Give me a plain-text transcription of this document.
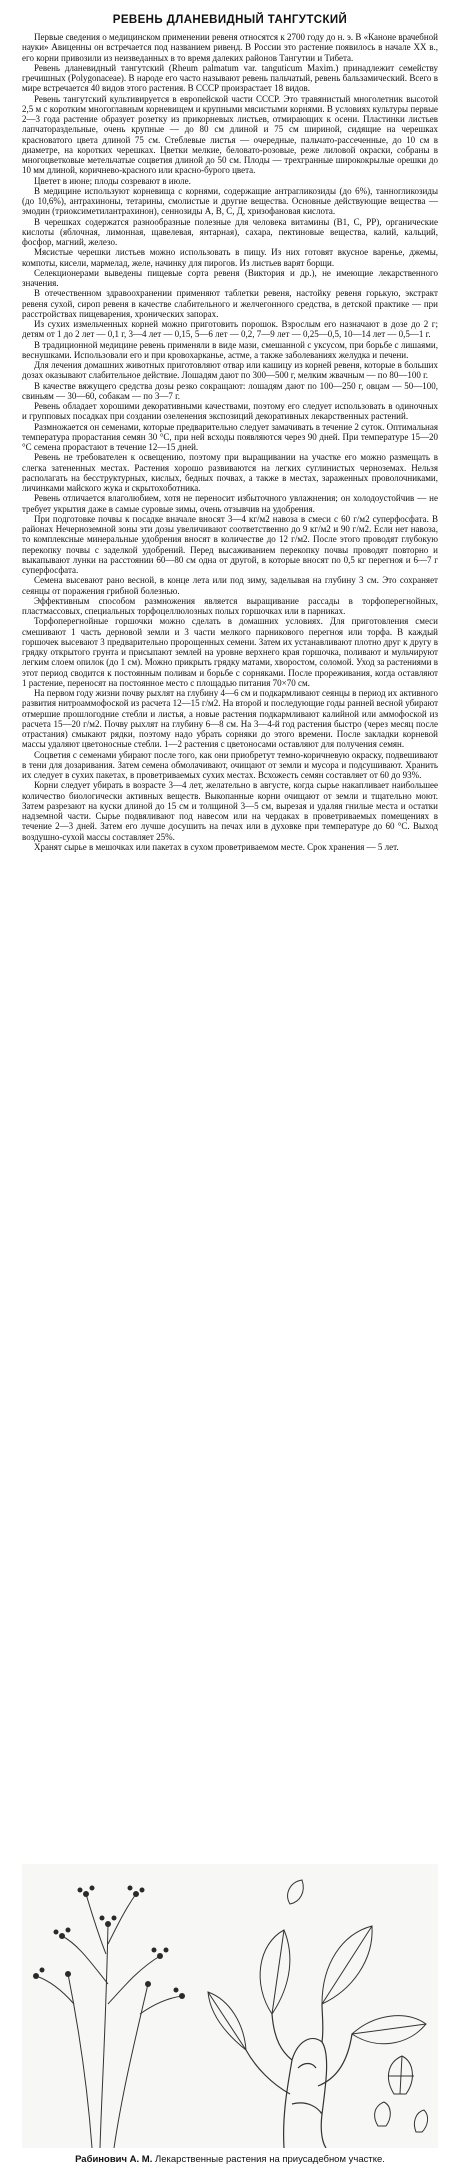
РЕВЕНЬ ДЛАНЕВИДНЫЙ ТАНГУТСКИЙ

Первые сведения о медицинском применении ревеня относятся к 2700 году до н. э. В «Каноне врачебной науки» Авиценны он встречается под названием ривенд. В России это растение появилось в начале XX в., его корни привозили из неизведанных в то время далеких районов Тангутии и Тибета.

Ревень дланевидный тангутский (Rheum palmatum var. tanguticum Maxim.) принадлежит семейству гречишных (Polygonaceae). В народе его часто называют ревень пальчатый, ревень бальзамический. Всего в мире встречается 40 видов этого растения. В СССР произрастает 18 видов.

Ревень тангутский культивируется в европейской части СССР. Это травянистый многолетник высотой 2,5 м с коротким многоглавным корневищем и крупными мясистыми корнями. В условиях культуры первые 2—3 года растение образует розетку из прикорневых листьев, отмирающих к осени. Пластинки листьев лапчатораздельные, очень крупные — до 80 см длиной и 75 см шириной, сидящие на черешках красноватого цвета длиной 75 см. Стеблевые листья — очередные, пальчато-рассеченные, до 10 см в диаметре, на коротких черешках. Цветки мелкие, беловато-розовые, реже лиловой окраски, собраны в многоцветковые метельчатые соцветия длиной до 50 см. Плоды — трехгранные ширококрылые орешки до 10 мм длиной, коричнево-красного или красно-бурого цвета.

Цветет в июне; плоды созревают в июле.

В медицине используют корневища с корнями, содержащие антрагликозиды (до 6%), танногликозиды (до 10,6%), антрахиноны, тетарины, смолистые и другие вещества. Основные действующие вещества — эмодин (триоксиметилантрахинон), сеннозиды А, В, С, Д, хризофановая кислота.

В черешках содержатся разнообразные полезные для человека витамины (B1, C, PP), органические кислоты (яблочная, лимонная, щавелевая, янтарная), сахара, пектиновые вещества, калий, кальций, фосфор, магний, железо.

Мясистые черешки листьев можно использовать в пищу. Из них готовят вкусное варенье, джемы, компоты, кисели, мармелад, желе, начинку для пирогов. Из листьев варят борщи.

Селекционерами выведены пищевые сорта ревеня (Виктория и др.), не имеющие лекарственного значения.

В отечественном здравоохранении применяют таблетки ревеня, настойку ревеня горькую, экстракт ревеня сухой, сироп ревеня в качестве слабительного и желчегонного средства, в детской практике — при расстройствах пищеварения, хронических запорах.

Из сухих измельченных корней можно приготовить порошок. Взрослым его назначают в дозе до 2 г; детям от 1 до 2 лет — 0,1 г, 3—4 лет — 0,15, 5—6 лет — 0,2, 7—9 лет — 0,25—0,5, 10—14 лет — 0,5—1 г.

В традиционной медицине ревень применяли в виде мази, смешанной с уксусом, при борьбе с лишаями, веснушками. Использовали его и при кровохарканье, астме, а также заболеваниях желудка и печени.

Для лечения домашних животных приготовляют отвар или кашицу из корней ревеня, которые в больших дозах оказывают слабительное действие. Лошадям дают по 300—500 г, мелким жвачным — по 80—100 г.

В качестве вяжущего средства дозы резко сокращают: лошадям дают по 100—250 г, овцам — 50—100, свиньям — 30—60, собакам — по 3—7 г.

Ревень обладает хорошими декоративными качествами, поэтому его следует использовать в одиночных и групповых посадках при создании озеленения экспозиций декоративных лекарственных растений.

Размножается он семенами, которые предварительно следует замачивать в течение 2 суток. Оптимальная температура прорастания семян 30 °C, при ней всходы появляются через 90 дней. При температуре 15—20 °C семена прорастают в течение 12—15 дней.

Ревень не требователен к освещению, поэтому при выращивании на участке его можно размещать в слегка затененных местах. Растения хорошо развиваются на легких суглинистых черноземах. Нельзя располагать на бесструктурных, кислых, бедных почвах, а также в местах, зараженных проволочниками, личинками майского жука и скрытохоботника.

Ревень отличается влаголюбием, хотя не переносит избыточного увлажнения; он холодоустойчив — не требует укрытия даже в самые суровые зимы, очень отзывчив на удобрения.

При подготовке почвы к посадке вначале вносят 3—4 кг/м2 навоза в смеси с 60 г/м2 суперфосфата. В районах Нечерноземной зоны эти дозы увеличивают соответственно до 9 кг/м2 и 90 г/м2. Если нет навоза, то комплексные минеральные удобрения вносят в количестве до 12 г/м2. После этого проводят глубокую перекопку почвы с заделкой удобрений. Перед высаживанием перекопку почвы проводят повторно и выкапывают лунки на расстоянии 60—80 см одна от другой, в которые вносят по 0,5 кг перегноя и 6—7 г суперфосфата.

Семена высевают рано весной, в конце лета или под зиму, заделывая на глубину 3 см. Это сохраняет сеянцы от поражения грибной болезнью.

Эффективным способом размножения является выращивание рассады в торфоперегнойных, пластмассовых, специальных торфоцеллюлозных полых горшочках или в парниках.

Торфоперегнойные горшочки можно сделать в домашних условиях. Для приготовления смеси смешивают 1 часть дерновой земли и 3 части мелкого парникового перегноя или торфа. В каждый горшочек высевают 3 предварительно пророщенных семени. Затем их устанавливают плотно друг к другу в грядку открытого грунта и присыпают землей на уровне верхнего края горшочка, поливают и мульчируют легким слоем опилок (до 1 см). Можно прикрыть грядку матами, хворостом, соломой. Уход за растениями в этот период сводится к постоянным поливам и борьбе с сорняками. После прореживания, когда оставляют 1 растение, переносят на постоянное место с площадью питания 70×70 см.

На первом году жизни почву рыхлят на глубину 4—6 см и подкармливают сеянцы в период их активного развития нитроаммофоской из расчета 12—15 г/м2. На второй и последующие годы ранней весной убирают отмершие прошлогодние стебли и листья, а новые растения подкармливают калийной или аммофоской из расчета 15—20 г/м2. Почву рыхлят на глубину 6—8 см. На 3—4-й год растения быстро (через месяц после отрастания) смыкают рядки, поэтому надо убрать сорняки до этого времени. После закладки корневой массы удаляют цветоносные стебли. 1—2 растения с цветоносами оставляют для получения семян.

Соцветия с семенами убирают после того, как они приобретут темно-коричневую окраску, подвешивают в тени для дозаривания. Затем семена обмолачивают, очищают от земли и мусора и подсушивают. Хранить их следует в сухих пакетах, в проветриваемых сухих местах. Всхожесть семян составляет от 60 до 93%.

Корни следует убирать в возрасте 3—4 лет, желательно в августе, когда сырье накапливает наибольшее количество биологически активных веществ. Выкопанные корни очищают от земли и тщательно моют. Затем разрезают на куски длиной до 15 см и толщиной 3—5 см, вырезая и удаляя гнилые места и остатки надземной части. Сырье подвяливают под навесом или на чердаках в проветриваемых помещениях в течение 2—3 дней. Затем его лучше досушить на печах или в духовке при температуре до 60 °C. Выход воздушно-сухой массы составляет 25%.

Хранят сырье в мешочках или пакетах в сухом проветриваемом месте. Срок хранения — 5 лет.

Рабинович А. М. Лекарственные растения на приусадебном участке.
